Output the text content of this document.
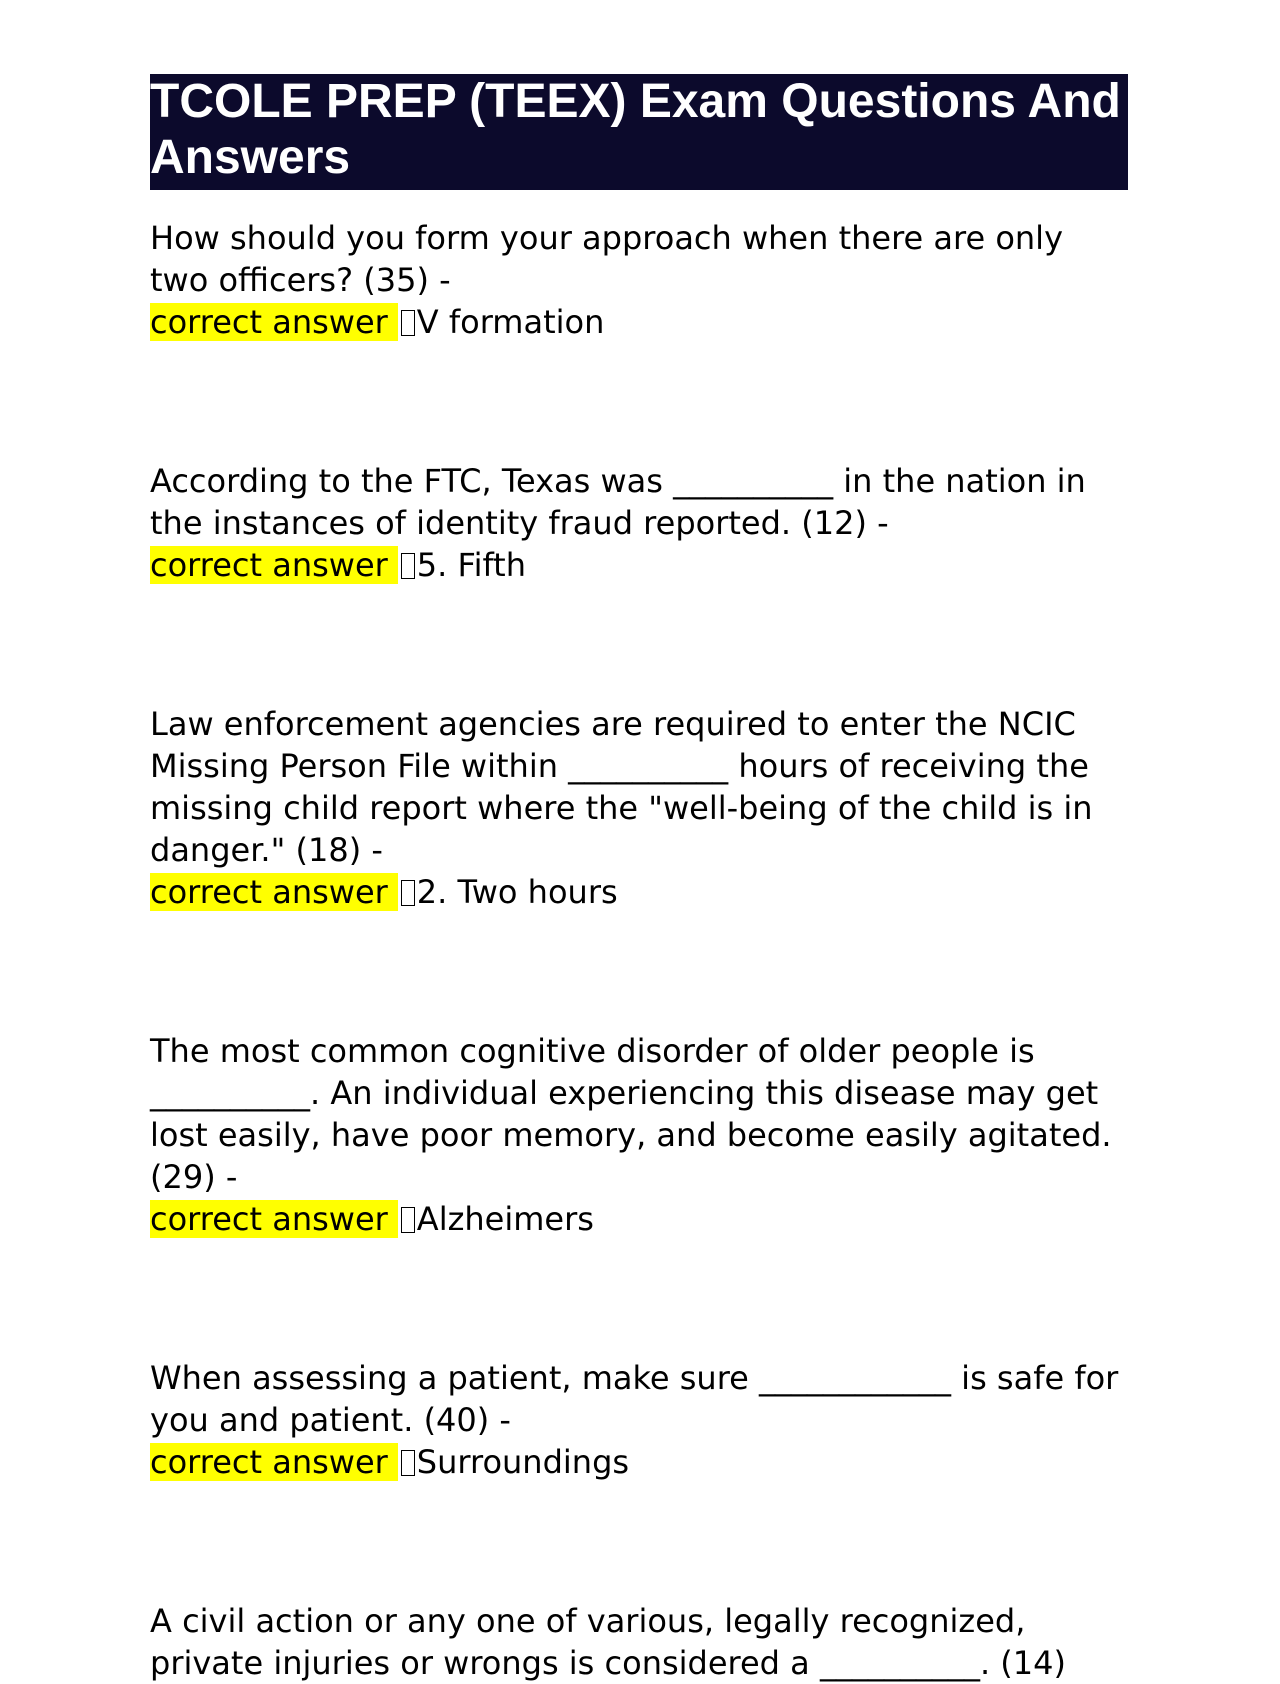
TCOLE PREP (TEEX) Exam Questions And Answers
How should you form your approach when there are only two officers? (35) -
correct answer V formation
According to the FTC, Texas was __________ in the nation in the instances of identity fraud reported. (12) -
correct answer 5. Fifth
Law enforcement agencies are required to enter the NCIC Missing Person File within __________ hours of receiving the missing child report where the "well-being of the child is in danger." (18) -
correct answer 2. Two hours
The most common cognitive disorder of older people is __________. An individual experiencing this disease may get lost easily, have poor memory, and become easily agitated. (29) -
correct answer Alzheimers
When assessing a patient, make sure ____________ is safe for you and patient. (40) -
correct answer Surroundings
A civil action or any one of various, legally recognized, private injuries or wrongs is considered a __________. (14)
